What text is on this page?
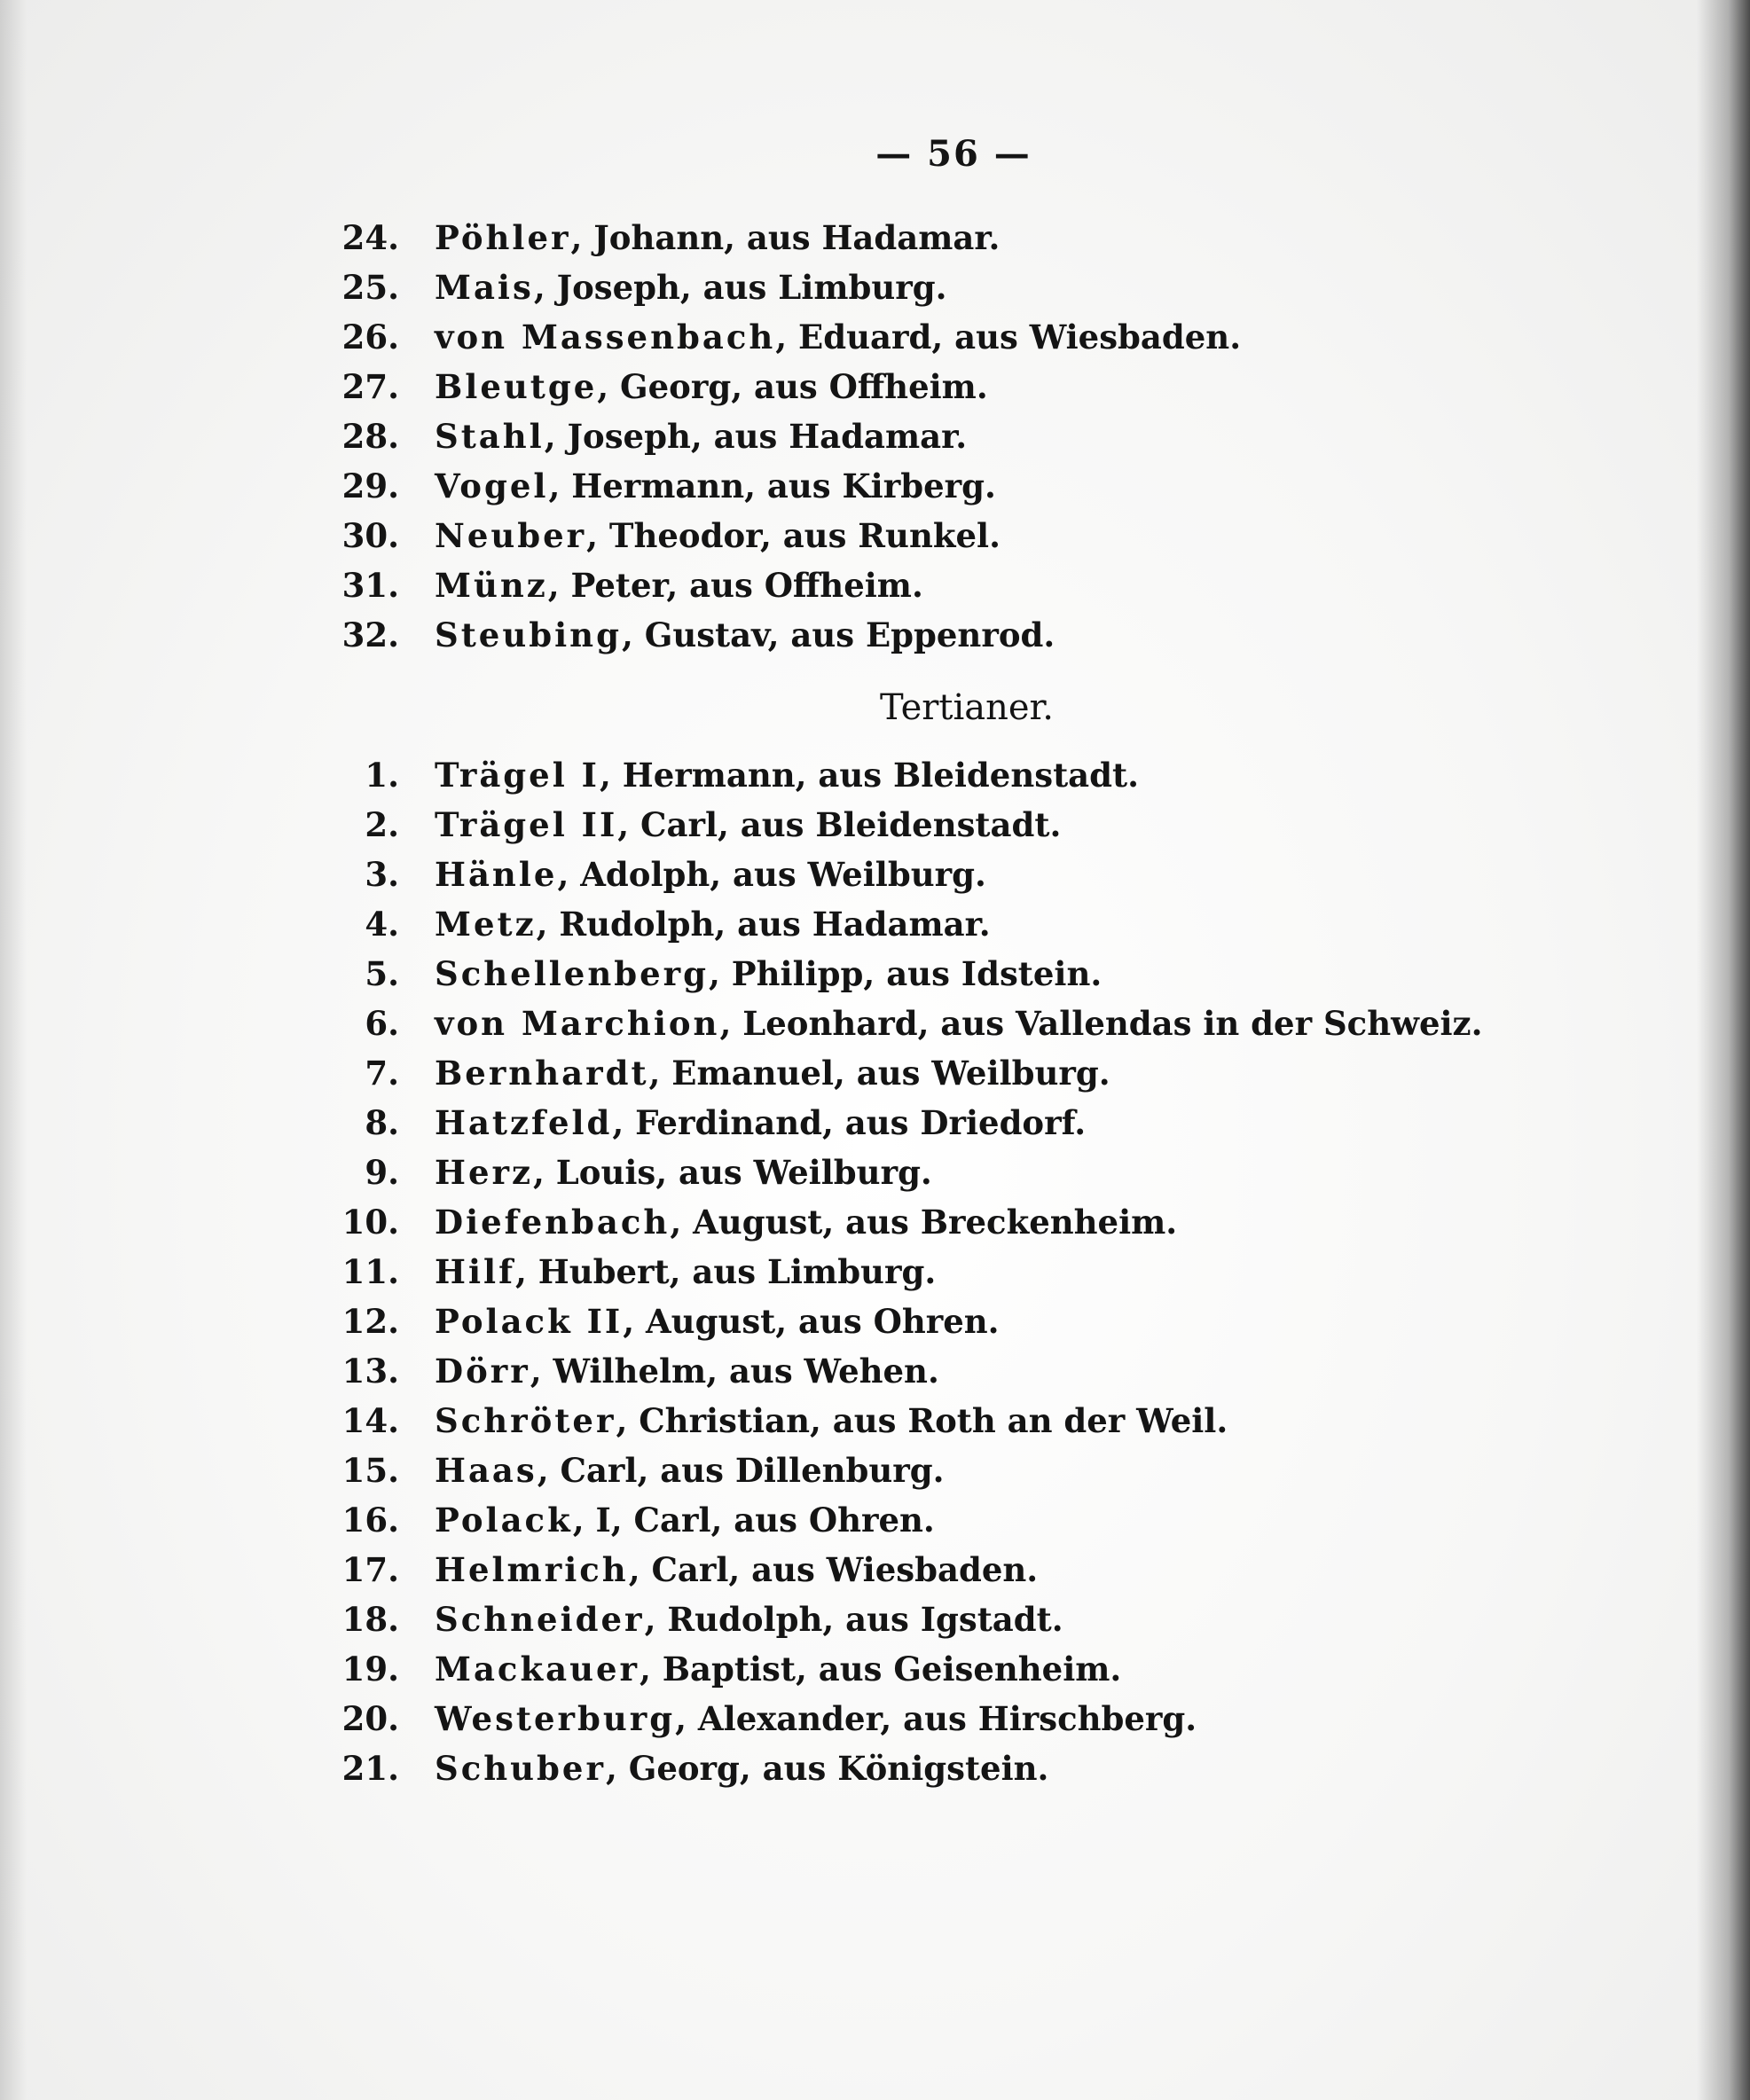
— 56 —
24. Pöhler, Johann, aus Hadamar.
25. Mais, Joseph, aus Limburg.
26. von Massenbach, Eduard, aus Wiesbaden.
27. Bleutge, Georg, aus Offheim.
28. Stahl, Joseph, aus Hadamar.
29. Vogel, Hermann, aus Kirberg.
30. Neuber, Theodor, aus Runkel.
31. Münz, Peter, aus Offheim.
32. Steubing, Gustav, aus Eppenrod.
Tertianer.
1. Trägel I, Hermann, aus Bleidenstadt.
2. Trägel II, Carl, aus Bleidenstadt.
3. Hänle, Adolph, aus Weilburg.
4. Metz, Rudolph, aus Hadamar.
5. Schellenberg, Philipp, aus Idstein.
6. von Marchion, Leonhard, aus Vallendas in der Schweiz.
7. Bernhardt, Emanuel, aus Weilburg.
8. Hatzfeld, Ferdinand, aus Driedorf.
9. Herz, Louis, aus Weilburg.
10. Diefenbach, August, aus Breckenheim.
11. Hilf, Hubert, aus Limburg.
12. Polack II, August, aus Ohren.
13. Dörr, Wilhelm, aus Wehen.
14. Schröter, Christian, aus Roth an der Weil.
15. Haas, Carl, aus Dillenburg.
16. Polack, I, Carl, aus Ohren.
17. Helmrich, Carl, aus Wiesbaden.
18. Schneider, Rudolph, aus Igstadt.
19. Mackauer, Baptist, aus Geisenheim.
20. Westerburg, Alexander, aus Hirschberg.
21. Schuber, Georg, aus Königstein.
